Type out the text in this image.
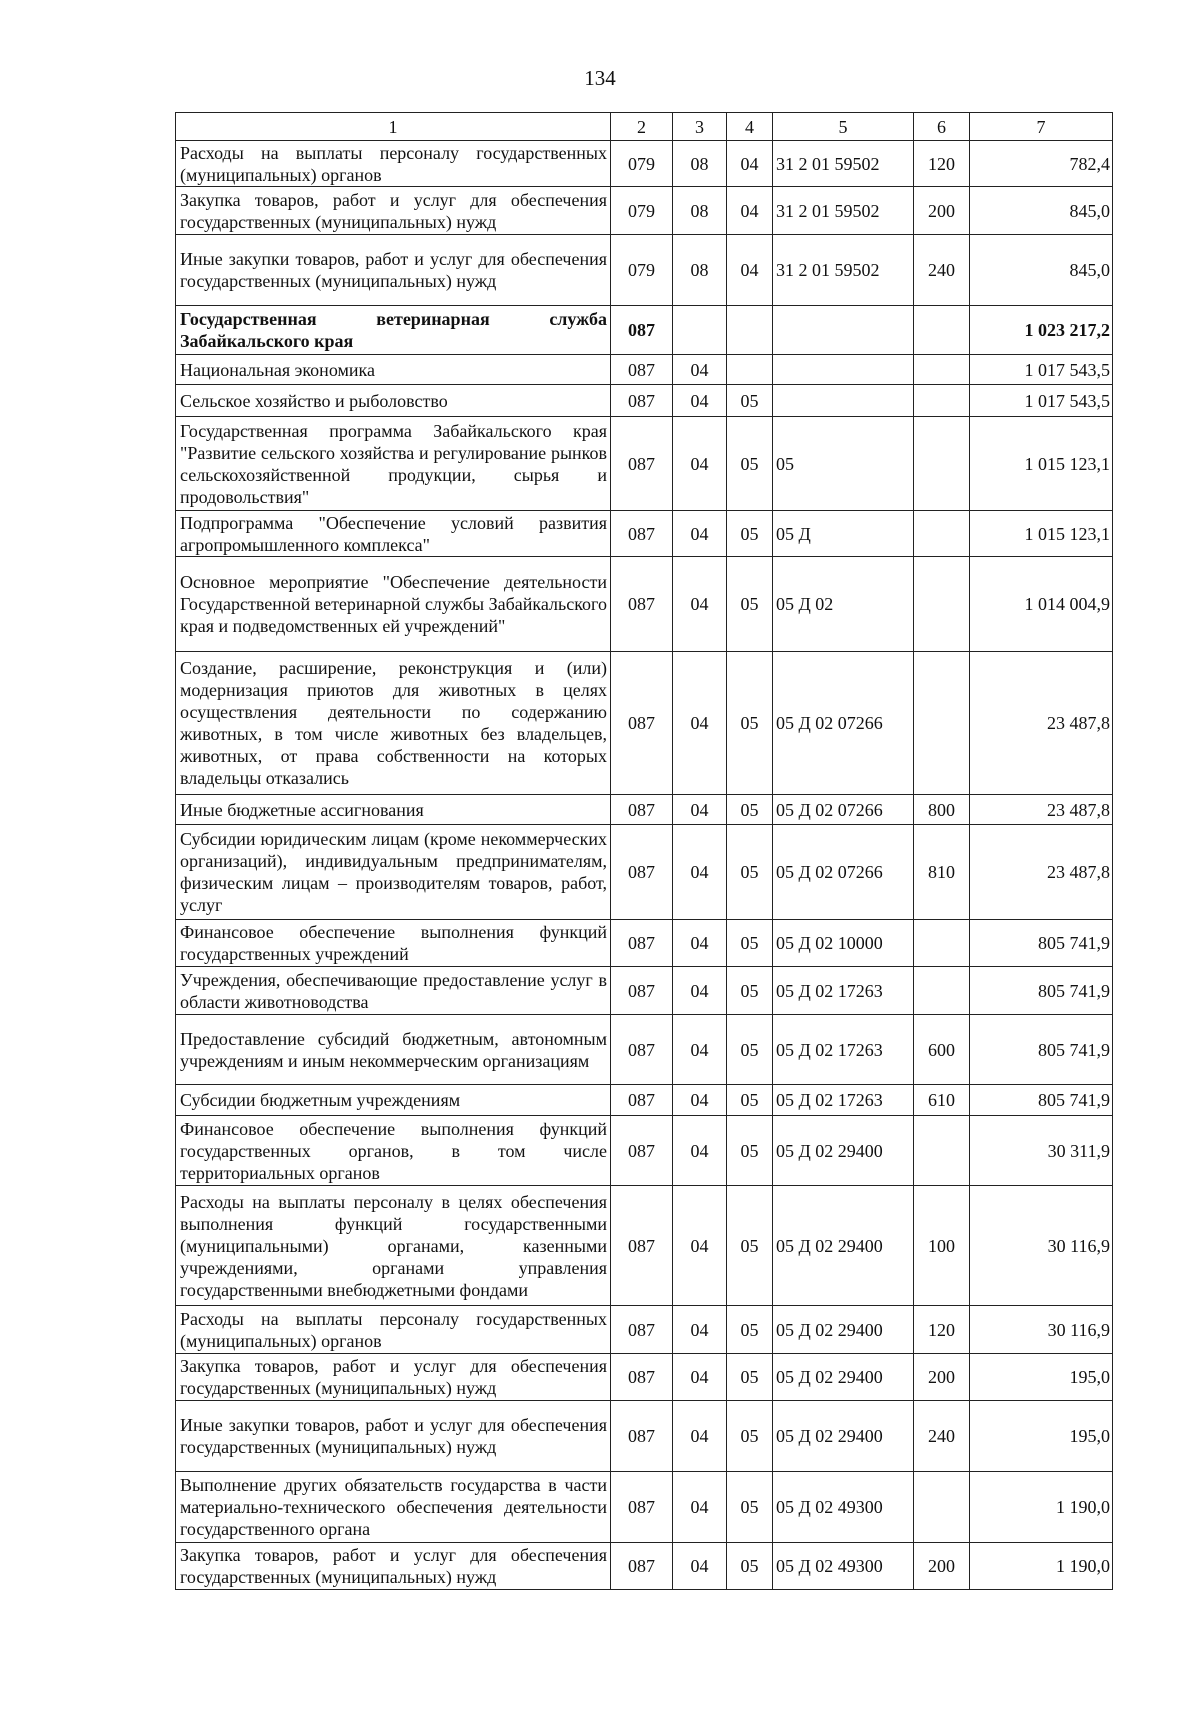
134
1	2	3	4	5	6	7
Расходы на выплаты персоналу государственных (муниципальных) органов	079	08	04	31 2 01 59502	120	782,4
Закупка товаров, работ и услуг для обеспечения государственных (муниципальных) нужд	079	08	04	31 2 01 59502	200	845,0
Иные закупки товаров, работ и услуг для обеспечения государственных (муниципальных) нужд	079	08	04	31 2 01 59502	240	845,0
Государственная ветеринарная служба Забайкальского края	087					1 023 217,2
Национальная экономика	087	04				1 017 543,5
Сельское хозяйство и рыболовство	087	04	05			1 017 543,5
Государственная программа Забайкальского края "Развитие сельского хозяйства и регулирование рынков сельскохозяйственной продукции, сырья и продовольствия"	087	04	05	05		1 015 123,1
Подпрограмма "Обеспечение условий развития агропромышленного комплекса"	087	04	05	05 Д		1 015 123,1
Основное мероприятие "Обеспечение деятельности Государственной ветеринарной службы Забайкальского края и подведомственных ей учреждений"	087	04	05	05 Д 02		1 014 004,9
Создание, расширение, реконструкция и (или) модернизация приютов для животных в целях осуществления деятельности по содержанию животных, в том числе животных без владельцев, животных, от права собственности на которых владельцы отказались	087	04	05	05 Д 02 07266		23 487,8
Иные бюджетные ассигнования	087	04	05	05 Д 02 07266	800	23 487,8
Субсидии юридическим лицам (кроме некоммерческих организаций), индивидуальным предпринимателям, физическим лицам – производителям товаров, работ, услуг	087	04	05	05 Д 02 07266	810	23 487,8
Финансовое обеспечение выполнения функций государственных учреждений	087	04	05	05 Д 02 10000		805 741,9
Учреждения, обеспечивающие предоставление услуг в области животноводства	087	04	05	05 Д 02 17263		805 741,9
Предоставление субсидий бюджетным, автономным учреждениям и иным некоммерческим организациям	087	04	05	05 Д 02 17263	600	805 741,9
Субсидии бюджетным учреждениям	087	04	05	05 Д 02 17263	610	805 741,9
Финансовое обеспечение выполнения функций государственных органов, в том числе территориальных органов	087	04	05	05 Д 02 29400		30 311,9
Расходы на выплаты персоналу в целях обеспечения выполнения функций государственными (муниципальными) органами, казенными учреждениями, органами управления государственными внебюджетными фондами	087	04	05	05 Д 02 29400	100	30 116,9
Расходы на выплаты персоналу государственных (муниципальных) органов	087	04	05	05 Д 02 29400	120	30 116,9
Закупка товаров, работ и услуг для обеспечения государственных (муниципальных) нужд	087	04	05	05 Д 02 29400	200	195,0
Иные закупки товаров, работ и услуг для обеспечения государственных (муниципальных) нужд	087	04	05	05 Д 02 29400	240	195,0
Выполнение других обязательств государства в части материально-технического обеспечения деятельности государственного органа	087	04	05	05 Д 02 49300		1 190,0
Закупка товаров, работ и услуг для обеспечения государственных (муниципальных) нужд	087	04	05	05 Д 02 49300	200	1 190,0
